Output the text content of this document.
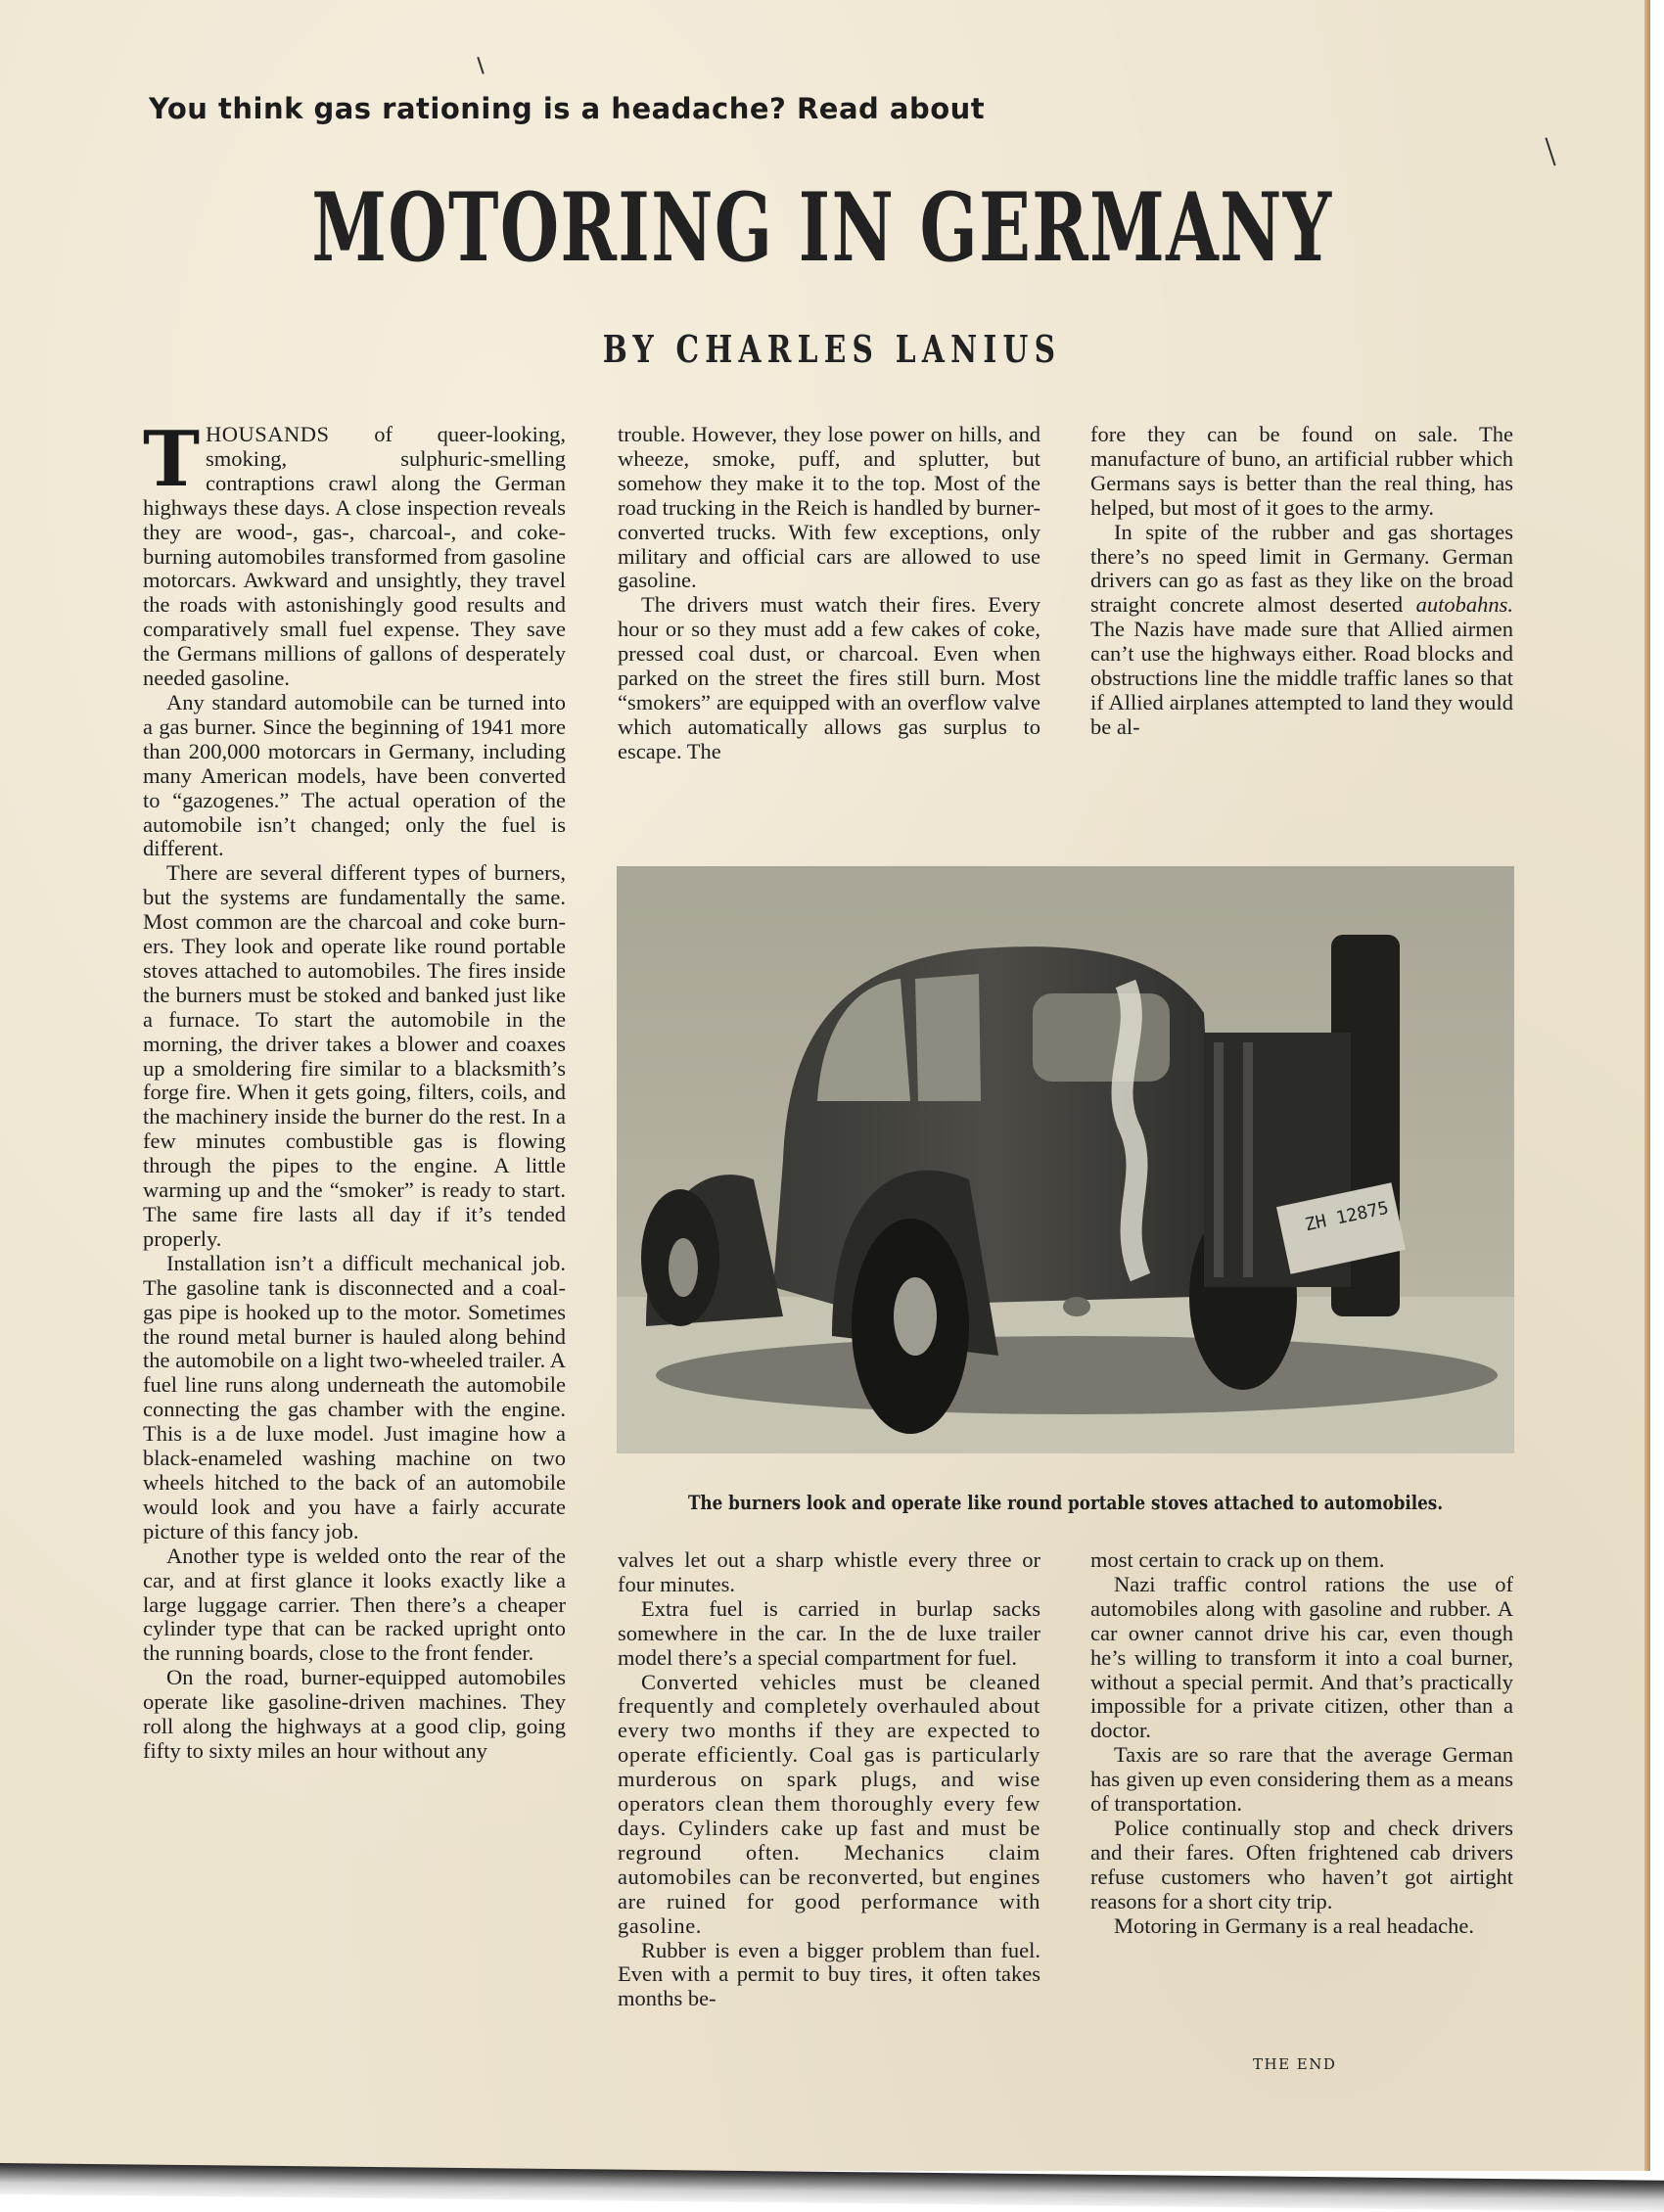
You think gas rationing is a headache? Read about
MOTORING IN GERMANY
BY CHARLES LANIUS

THOUSANDS of queer-looking, smoking, sulphuric-smelling contraptions crawl along the German highways these days. A close inspection reveals they are wood-, gas-, charcoal-, and coke-burning automobiles transformed from gasoline motorcars. Awkward and unsightly, they travel the roads with astonishingly good results and comparatively small fuel expense. They save the Germans millions of gallons of desperately needed gasoline.

Any standard automobile can be turned into a gas burner. Since the beginning of 1941 more than 200,000 motorcars in Germany, including many American models, have been converted to “gazogenes.” The actual operation of the automobile isn’t changed; only the fuel is different.

There are several different types of burners, but the systems are fundamentally the same. Most common are the charcoal and coke burners. They look and operate like round portable stoves attached to automobiles. The fires inside the burners must be stoked and banked just like a furnace. To start the automobile in the morning, the driver takes a blower and coaxes up a smoldering fire similar to a blacksmith’s forge fire. When it gets going, filters, coils, and the machinery inside the burner do the rest. In a few minutes combustible gas is flowing through the pipes to the engine. A little warming up and the “smoker” is ready to start. The same fire lasts all day if it’s tended properly.

Installation isn’t a difficult mechanical job. The gasoline tank is disconnected and a coal-gas pipe is hooked up to the motor. Sometimes the round metal burner is hauled along behind the automobile on a light two-wheeled trailer. A fuel line runs along underneath the automobile connecting the gas chamber with the engine. This is a de luxe model. Just imagine how a black-enameled washing machine on two wheels hitched to the back of an automobile would look and you have a fairly accurate picture of this fancy job.

Another type is welded onto the rear of the car, and at first glance it looks exactly like a large luggage carrier. Then there’s a cheaper cylinder type that can be racked upright onto the running boards, close to the front fender.

On the road, burner-equipped automobiles operate like gasoline-driven machines. They roll along the highways at a good clip, going fifty to sixty miles an hour without any

trouble. However, they lose power on hills, and wheeze, smoke, puff, and splutter, but somehow they make it to the top. Most of the road trucking in the Reich is handled by burner-converted trucks. With few exceptions, only military and official cars are allowed to use gasoline.

The drivers must watch their fires. Every hour or so they must add a few cakes of coke, pressed coal dust, or charcoal. Even when parked on the street the fires still burn. Most “smokers” are equipped with an overflow valve which automatically allows gas surplus to escape. The

fore they can be found on sale. The manufacture of buno, an artificial rubber which Germans says is better than the real thing, has helped, but most of it goes to the army.

In spite of the rubber and gas shortages there’s no speed limit in Germany. German drivers can go as fast as they like on the broad straight concrete almost deserted autobahns. The Nazis have made sure that Allied airmen can’t use the highways either. Road blocks and obstructions line the middle traffic lanes so that if Allied airplanes attempted to land they would be al-

ZH 12875
The burners look and operate like round portable stoves attached to automobiles.

valves let out a sharp whistle every three or four minutes.

Extra fuel is carried in burlap sacks somewhere in the car. In the de luxe trailer model there’s a special compartment for fuel.

Converted vehicles must be cleaned frequently and completely overhauled about every two months if they are expected to operate efficiently. Coal gas is particularly murderous on spark plugs, and wise operators clean them thoroughly every few days. Cylinders cake up fast and must be reground often. Mechanics claim automobiles can be reconverted, but engines are ruined for good performance with gasoline.

Rubber is even a bigger problem than fuel. Even with a permit to buy tires, it often takes months be-

most certain to crack up on them.

Nazi traffic control rations the use of automobiles along with gasoline and rubber. A car owner cannot drive his car, even though he’s willing to transform it into a coal burner, without a special permit. And that’s practically impossible for a private citizen, other than a doctor.

Taxis are so rare that the average German has given up even considering them as a means of transportation.

Police continually stop and check drivers and their fares. Often frightened cab drivers refuse customers who haven’t got airtight reasons for a short city trip.

Motoring in Germany is a real headache.

THE END
